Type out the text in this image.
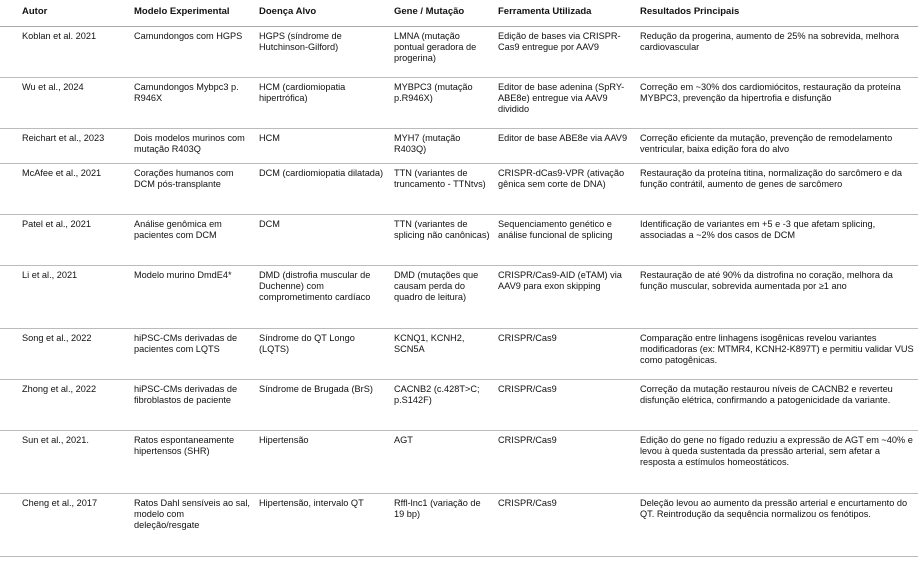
Autor	Modelo Experimental	Doença Alvo	Gene / Mutação	Ferramenta Utilizada	Resultados Principais
Koblan et al. 2021	Camundongos com HGPS	HGPS (síndrome de Hutchinson-Gilford)	LMNA (mutação pontual geradora de progerina)	Edição de bases via CRISPR-Cas9 entregue por AAV9	Redução da progerina, aumento de 25% na sobrevida, melhora cardiovascular
Wu et al., 2024	Camundongos Mybpc3 p. R946X	HCM (cardiomiopatia hipertrófica)	MYBPC3 (mutação p.R946X)	Editor de base adenina (SpRY-ABE8e) entregue via AAV9 dividido	Correção em ~30% dos cardiomiócitos, restauração da proteína MYBPC3, prevenção da hipertrofia e disfunção
Reichart et al., 2023	Dois modelos murinos com mutação R403Q	HCM	MYH7 (mutação R403Q)	Editor de base ABE8e via AAV9	Correção eficiente da mutação, prevenção de remodelamento ventricular, baixa edição fora do alvo
McAfee et al., 2021	Corações humanos com DCM pós-transplante	DCM (cardiomiopatia dilatada)	TTN (variantes de truncamento - TTNtvs)	CRISPR-dCas9-VPR (ativação gênica sem corte de DNA)	Restauração da proteína titina, normalização do sarcômero e da função contrátil, aumento de genes de sarcômero
Patel et al., 2021	Análise genômica em pacientes com DCM	DCM	TTN (variantes de splicing não canônicas)	Sequenciamento genético e análise funcional de splicing	Identificação de variantes em +5 e -3 que afetam splicing, associadas a ~2% dos casos de DCM
Li et al., 2021	Modelo murino DmdE4*	DMD (distrofia muscular de Duchenne) com comprometimento cardíaco	DMD (mutações que causam perda do quadro de leitura)	CRISPR/Cas9-AID (eTAM) via AAV9 para exon skipping	Restauração de até 90% da distrofina no coração, melhora da função muscular, sobrevida aumentada por ≥1 ano
Song et al., 2022	hiPSC-CMs derivadas de pacientes com LQTS	Síndrome do QT Longo (LQTS)	KCNQ1, KCNH2, SCN5A	CRISPR/Cas9	Comparação entre linhagens isogênicas revelou variantes modificadoras (ex: MTMR4, KCNH2-K897T) e permitiu validar VUS como patogênicas.
Zhong et al., 2022	hiPSC-CMs derivadas de fibroblastos de paciente	Síndrome de Brugada (BrS)	CACNB2 (c.428T>C; p.S142F)	CRISPR/Cas9	Correção da mutação restaurou níveis de CACNB2 e reverteu disfunção elétrica, confirmando a patogenicidade da variante.
Sun et al., 2021.	Ratos espontaneamente hipertensos (SHR)	Hipertensão	AGT	CRISPR/Cas9	Edição do gene no fígado reduziu a expressão de AGT em ~40% e levou à queda sustentada da pressão arterial, sem afetar a resposta a estímulos homeostáticos.
Cheng et al., 2017	Ratos Dahl sensíveis ao sal, modelo com deleção/resgate	Hipertensão, intervalo QT	Rffl-lnc1 (variação de 19 bp)	CRISPR/Cas9	Deleção levou ao aumento da pressão arterial e encurtamento do QT. Reintrodução da sequência normalizou os fenótipos.
